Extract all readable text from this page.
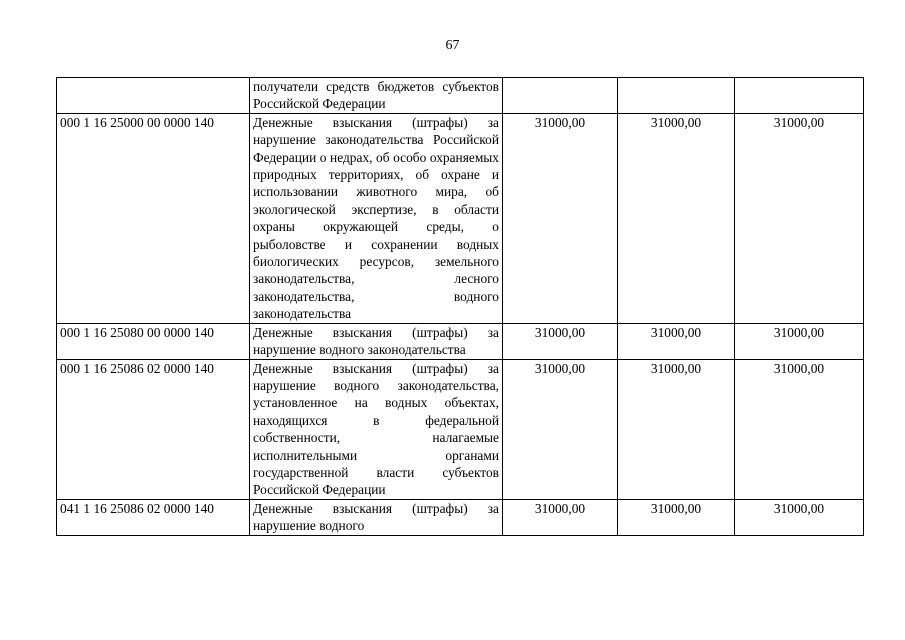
67
	получатели средств бюджетов субъектов Российской Федерации			
000 1 16 25000 00 0000 140	Денежные взыскания (штрафы) за нарушение законодательства Российской Федерации о недрах, об особо охраняемых природных территориях, об охране и использовании животного мира, об экологической экспертизе, в области охраны окружающей среды, о рыболовстве и сохранении водных биологических ресурсов, земельного законодательства, лесного законодательства, водного законодательства	31000,00	31000,00	31000,00
000 1 16 25080 00 0000 140	Денежные взыскания (штрафы) за нарушение водного законодательства	31000,00	31000,00	31000,00
000 1 16 25086 02 0000 140	Денежные взыскания (штрафы) за нарушение водного законодательства, установленное на водных объектах, находящихся в федеральной собственности, налагаемые исполнительными органами государственной власти субъектов Российской Федерации	31000,00	31000,00	31000,00
041 1 16 25086 02 0000 140	Денежные взыскания (штрафы) за нарушение водного	31000,00	31000,00	31000,00
